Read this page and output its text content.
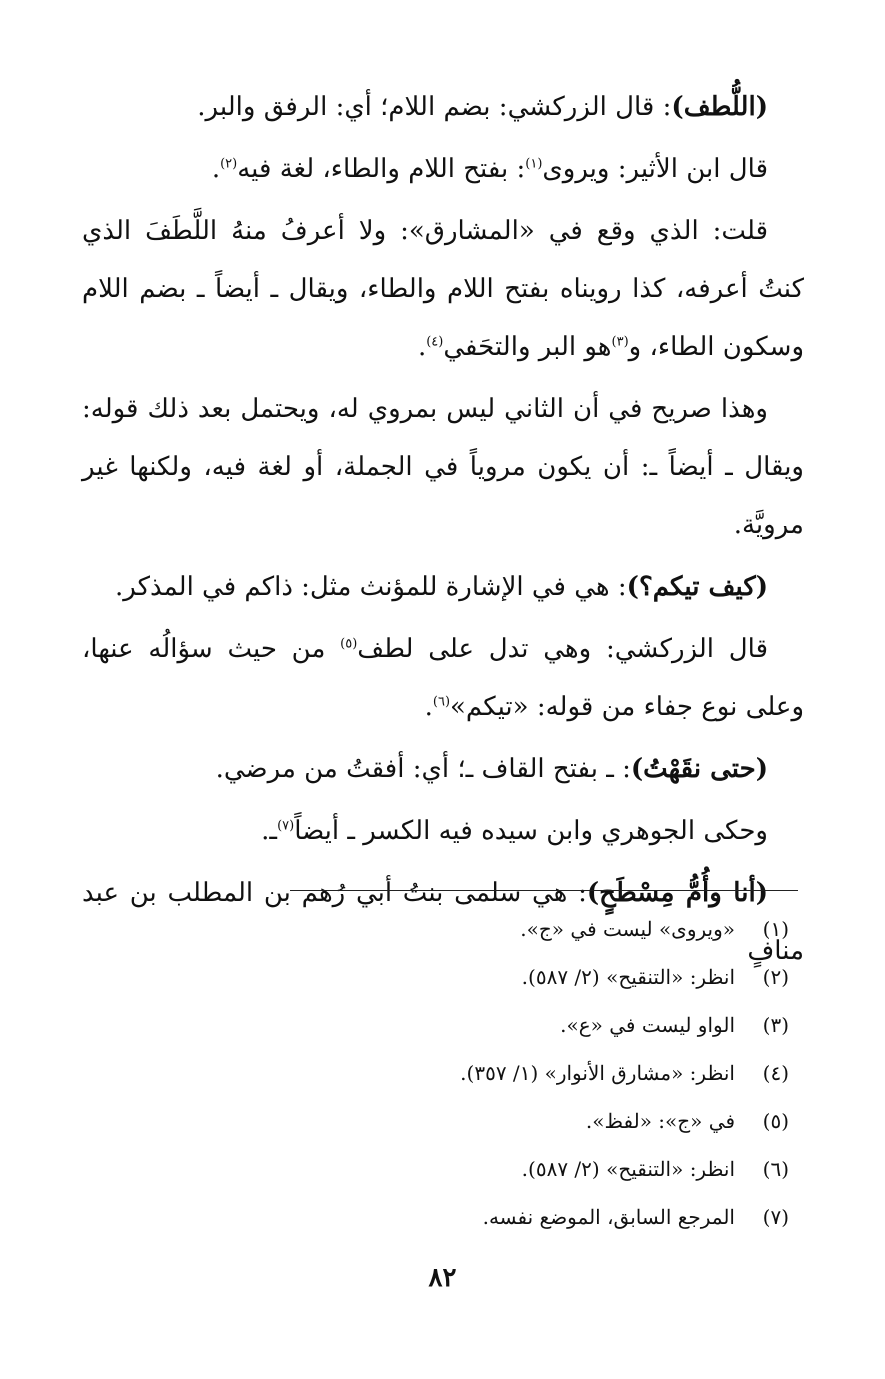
(اللُّطف): قال الزركشي: بضم اللام؛ أي: الرفق والبر.

قال ابن الأثير: ويروى$^{(١)}$: بفتح اللام والطاء، لغة فيه$^{(٢)}$.

قلت: الذي وقع في «المشارق»: ولا أعرفُ منهُ اللَّطَفَ الذي كنتُ أعرفه، كذا رويناه بفتح اللام والطاء، ويقال ـ أيضاً ـ بضم اللام وسكون الطاء، و$^{(٣)}$هو البر والتحَفي$^{(٤)}$.

وهذا صريح في أن الثاني ليس بمروي له، ويحتمل بعد ذلك قوله: ويقال ـ أيضاً ـ: أن يكون مروياً في الجملة، أو لغة فيه، ولكنها غير مرويَّة.

(كيف تيكم؟): هي في الإشارة للمؤنث مثل: ذاكم في المذكر.

قال الزركشي: وهي تدل على لطف$^{(٥)}$ من حيث سؤالُه عنها، وعلى نوع جفاء من قوله: «تيكم»$^{(٦)}$.

(حتى نقَهْتُ): ـ بفتح القاف ـ؛ أي: أفقتُ من مرضي.

وحكى الجوهري وابن سيده فيه الكسر ـ أيضاً$^{(٧)}$ـ.

(أنا وأُمُّ مِسْطَحٍ): هي سلمى بنتُ أبي رُهم بن المطلب بن عبد منافٍ

(١)
«ويروى» ليست في «ج».
(٢)
انظر: «التنقيح» (٢/ ٥٨٧).
(٣)
الواو ليست في «ع».
(٤)
انظر: «مشارق الأنوار» (١/ ٣٥٧).
(٥)
في «ج»: «لفظ».
(٦)
انظر: «التنقيح» (٢/ ٥٨٧).
(٧)
المرجع السابق، الموضع نفسه.
٨٢
